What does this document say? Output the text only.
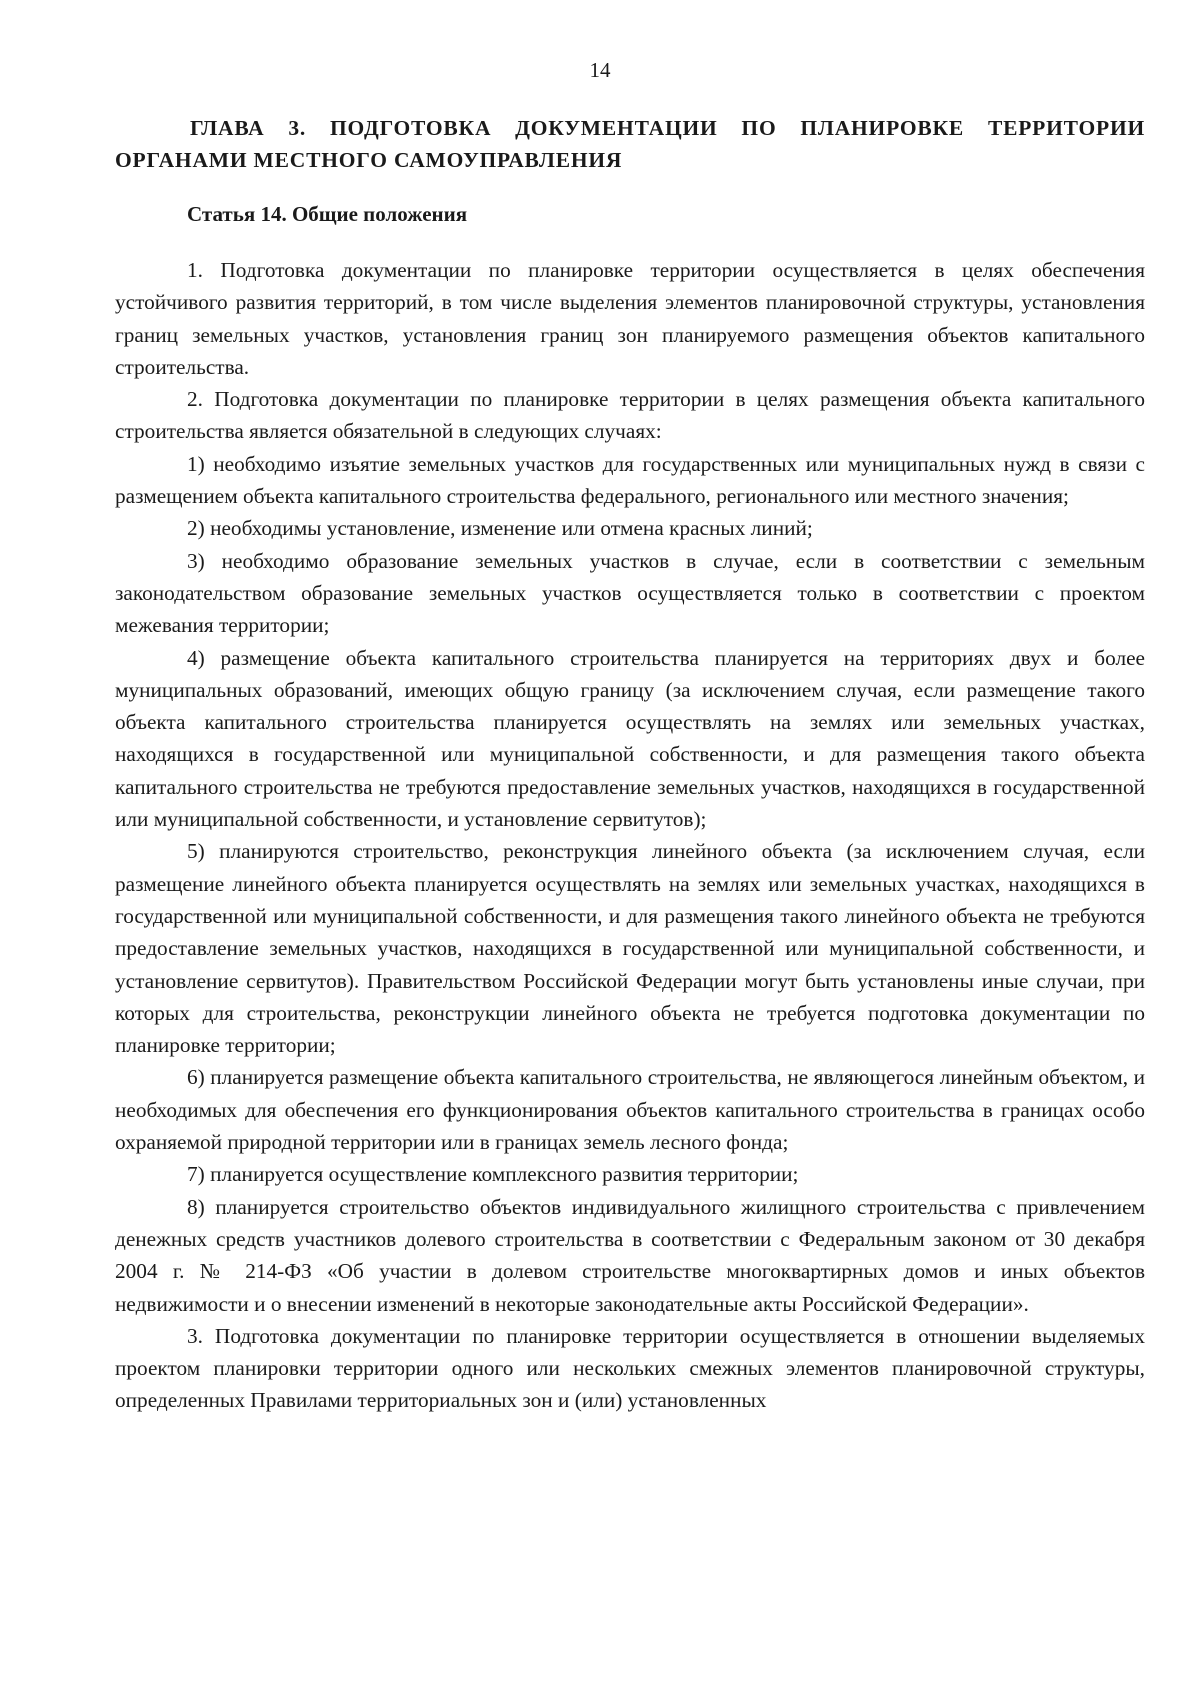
14
ГЛАВА 3. ПОДГОТОВКА ДОКУМЕНТАЦИИ ПО ПЛАНИРОВКЕ ТЕРРИТОРИИ ОРГАНАМИ МЕСТНОГО САМОУПРАВЛЕНИЯ
Статья 14. Общие положения

1. Подготовка документации по планировке территории осуществляется в целях обеспечения устойчивого развития территорий, в том числе выделения элементов планировочной структуры, установления границ земельных участков, установления границ зон планируемого размещения объектов капитального строительства.

2. Подготовка документации по планировке территории в целях размещения объекта капитального строительства является обязательной в следующих случаях:

1) необходимо изъятие земельных участков для государственных или муниципальных нужд в связи с размещением объекта капитального строительства федерального, регионального или местного значения;

2) необходимы установление, изменение или отмена красных линий;

3) необходимо образование земельных участков в случае, если в соответствии с земельным законодательством образование земельных участков осуществляется только в соответствии с проектом межевания территории;

4) размещение объекта капитального строительства планируется на территориях двух и более муниципальных образований, имеющих общую границу (за исключением случая, если размещение такого объекта капитального строительства планируется осуществлять на землях или земельных участках, находящихся в государственной или муниципальной собственности, и для размещения такого объекта капитального строительства не требуются предоставление земельных участков, находящихся в государственной или муниципальной собственности, и установление сервитутов);

5) планируются строительство, реконструкция линейного объекта (за исключением случая, если размещение линейного объекта планируется осуществлять на землях или земельных участках, находящихся в государственной или муниципальной собственности, и для размещения такого линейного объекта не требуются предоставление земельных участков, находящихся в государственной или муниципальной собственности, и установление сервитутов). Правительством Российской Федерации могут быть установлены иные случаи, при которых для строительства, реконструкции линейного объекта не требуется подготовка документации по планировке территории;

6) планируется размещение объекта капитального строительства, не являющегося линейным объектом, и необходимых для обеспечения его функционирования объектов капитального строительства в границах особо охраняемой природной территории или в границах земель лесного фонда;

7) планируется осуществление комплексного развития территории;

8) планируется строительство объектов индивидуального жилищного строительства с привлечением денежных средств участников долевого строительства в соответствии с Федеральным законом от 30 декабря 2004 г. № 214-ФЗ «Об участии в долевом строительстве многоквартирных домов и иных объектов недвижимости и о внесении изменений в некоторые законодательные акты Российской Федерации».

3. Подготовка документации по планировке территории осуществляется в отношении выделяемых проектом планировки территории одного или нескольких смежных элементов планировочной структуры, определенных Правилами территориальных зон и (или) установленных
